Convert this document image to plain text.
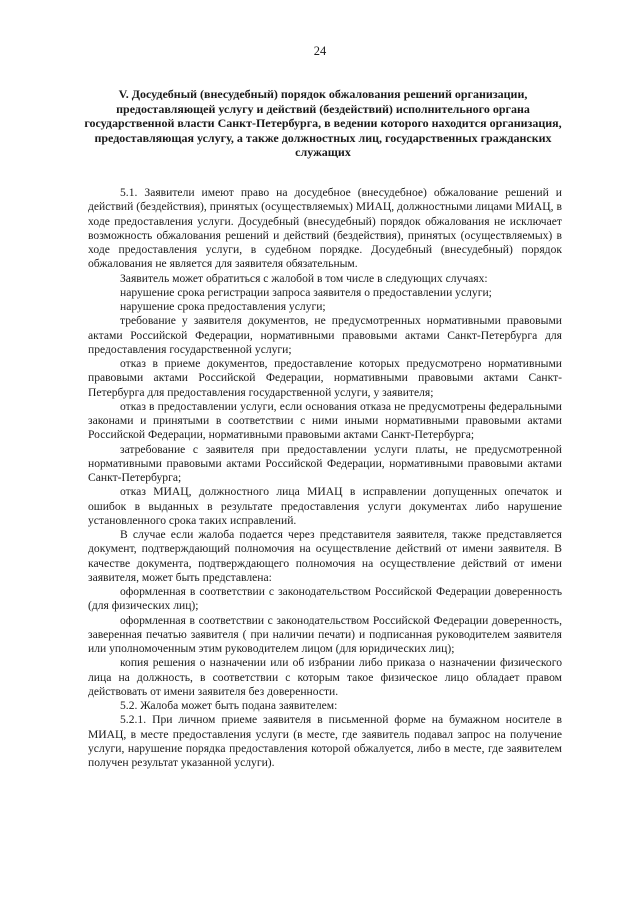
24
V. Досудебный (внесудебный) порядок обжалования решений организации, предоставляющей услугу и действий (бездействий) исполнительного органа государственной власти Санкт-Петербурга, в ведении которого находится организация, предоставляющая услугу, а также должностных лиц, государственных гражданских служащих

5.1. Заявители имеют право на досудебное (внесудебное) обжалование решений и действий (бездействия), принятых (осуществляемых) МИАЦ, должностными лицами МИАЦ, в ходе предоставления услуги. Досудебный (внесудебный) порядок обжалования не исключает возможность обжалования решений и действий (бездействия), принятых (осуществляемых) в ходе предоставления услуги, в судебном порядке. Досудебный (внесудебный) порядок обжалования не является для заявителя обязательным.

Заявитель может обратиться с жалобой в том числе в следующих случаях:

нарушение срока регистрации запроса заявителя о предоставлении услуги;

нарушение срока предоставления услуги;

требование у заявителя документов, не предусмотренных нормативными правовыми актами Российской Федерации, нормативными правовыми актами Санкт-Петербурга для предоставления государственной услуги;

отказ в приеме документов, предоставление которых предусмотрено нормативными правовыми актами Российской Федерации, нормативными правовыми актами Санкт-Петербурга для предоставления государственной услуги, у заявителя;

отказ в предоставлении услуги, если основания отказа не предусмотрены федеральными законами и принятыми в соответствии с ними иными нормативными правовыми актами Российской Федерации, нормативными правовыми актами Санкт-Петербурга;

затребование с заявителя при предоставлении услуги платы, не предусмотренной нормативными правовыми актами Российской Федерации, нормативными правовыми актами Санкт-Петербурга;

отказ МИАЦ, должностного лица МИАЦ в исправлении допущенных опечаток и ошибок в выданных в результате предоставления услуги документах либо нарушение установленного срока таких исправлений.

В случае если жалоба подается через представителя заявителя, также представляется документ, подтверждающий полномочия на осуществление действий от имени заявителя. В качестве документа, подтверждающего полномочия на осуществление действий от имени заявителя, может быть представлена:

оформленная в соответствии с законодательством Российской Федерации доверенность (для физических лиц);

оформленная в соответствии с законодательством Российской Федерации доверенность, заверенная печатью заявителя ( при наличии печати) и подписанная руководителем заявителя или уполномоченным этим руководителем лицом (для юридических лиц);

копия решения о назначении или об избрании либо приказа о назначении физического лица на должность, в соответствии с которым такое физическое лицо обладает правом действовать от имени заявителя без доверенности.

5.2. Жалоба может быть подана заявителем:

5.2.1. При личном приеме заявителя в письменной форме на бумажном носителе в МИАЦ, в месте предоставления услуги (в месте, где заявитель подавал запрос на получение услуги, нарушение порядка предоставления которой обжалуется, либо в месте, где заявителем получен результат указанной услуги).
